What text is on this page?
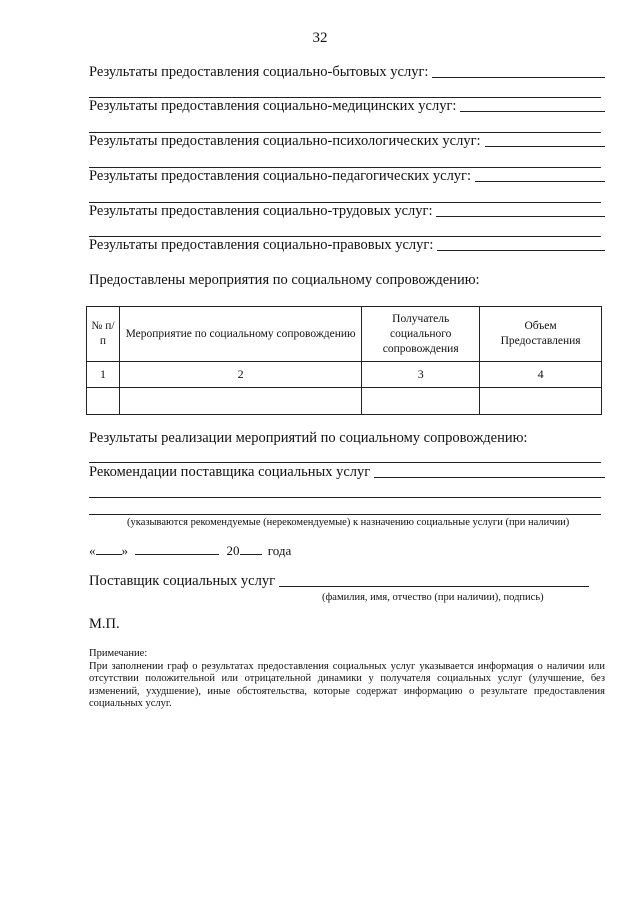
32
Результаты предоставления социально-бытовых услуг:
Результаты предоставления социально-медицинских услуг:
Результаты предоставления социально-психологических услуг:
Результаты предоставления социально-педагогических услуг:
Результаты предоставления социально-трудовых услуг:
Результаты предоставления социально-правовых услуг:
Предоставлены мероприятия по социальному сопровождению:
№ п/п	Мероприятие по социальному сопровождению	Получатель социального сопровождения	Объем Предоставления
1	2	3	4

Результаты реализации мероприятий по социальному сопровождению:
Рекомендации поставщика социальных услуг
(указываются рекомендуемые (нерекомендуемые) к назначению социальные услуги (при наличии)
« »	20 года
Поставщик социальных услуг
(фамилия, имя, отчество (при наличии), подпись)
М.П.

Примечание:

При заполнении граф о результатах предоставления социальных услуг указывается информация о наличии или отсутствии положительной или отрицательной динамики у получателя социальных услуг (улучшение, без изменений, ухудшение), иные обстоятельства, которые содержат информацию о результате предоставления социальных услуг.
